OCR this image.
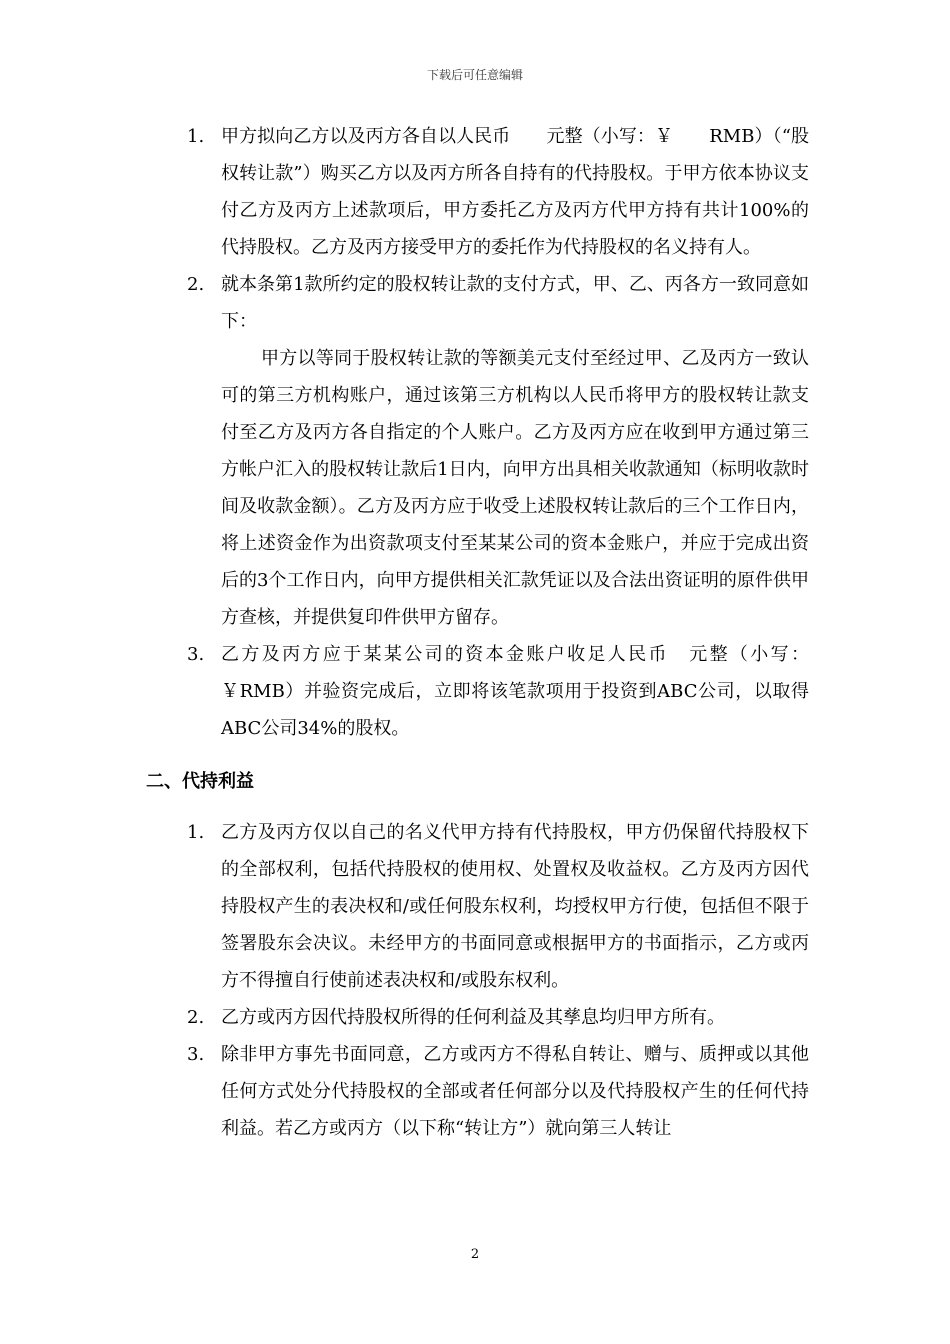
下载后可任意编辑
1. 甲方拟向乙方以及丙方各自以人民币　　元整（小写：￥　　RMB）（“股权转让款”）购买乙方以及丙方所各自持有的代持股权。于甲方依本协议支付乙方及丙方上述款项后，甲方委托乙方及丙方代甲方持有共计100%的代持股权。乙方及丙方接受甲方的委托作为代持股权的名义持有人。
2. 就本条第1款所约定的股权转让款的支付方式，甲、乙、丙各方一致同意如下：
甲方以等同于股权转让款的等额美元支付至经过甲、乙及丙方一致认可的第三方机构账户，通过该第三方机构以人民币将甲方的股权转让款支付至乙方及丙方各自指定的个人账户。乙方及丙方应在收到甲方通过第三方帐户汇入的股权转让款后1日内，向甲方出具相关收款通知（标明收款时间及收款金额）。乙方及丙方应于收受上述股权转让款后的三个工作日内，将上述资金作为出资款项支付至某某公司的资本金账户，并应于完成出资后的3个工作日内，向甲方提供相关汇款凭证以及合法出资证明的原件供甲方查核，并提供复印件供甲方留存。
3. 乙方及丙方应于某某公司的资本金账户收足人民币　元整（小写：￥RMB）并验资完成后，立即将该笔款项用于投资到ABC公司，以取得ABC公司34%的股权。
二、代持利益
1. 乙方及丙方仅以自己的名义代甲方持有代持股权，甲方仍保留代持股权下的全部权利，包括代持股权的使用权、处置权及收益权。乙方及丙方因代持股权产生的表决权和/或任何股东权利，均授权甲方行使，包括但不限于签署股东会决议。未经甲方的书面同意或根据甲方的书面指示，乙方或丙方不得擅自行使前述表决权和/或股东权利。
2. 乙方或丙方因代持股权所得的任何利益及其孳息均归甲方所有。
3. 除非甲方事先书面同意，乙方或丙方不得私自转让、赠与、质押或以其他任何方式处分代持股权的全部或者任何部分以及代持股权产生的任何代持利益。若乙方或丙方（以下称“转让方”）就向第三人转让
2
